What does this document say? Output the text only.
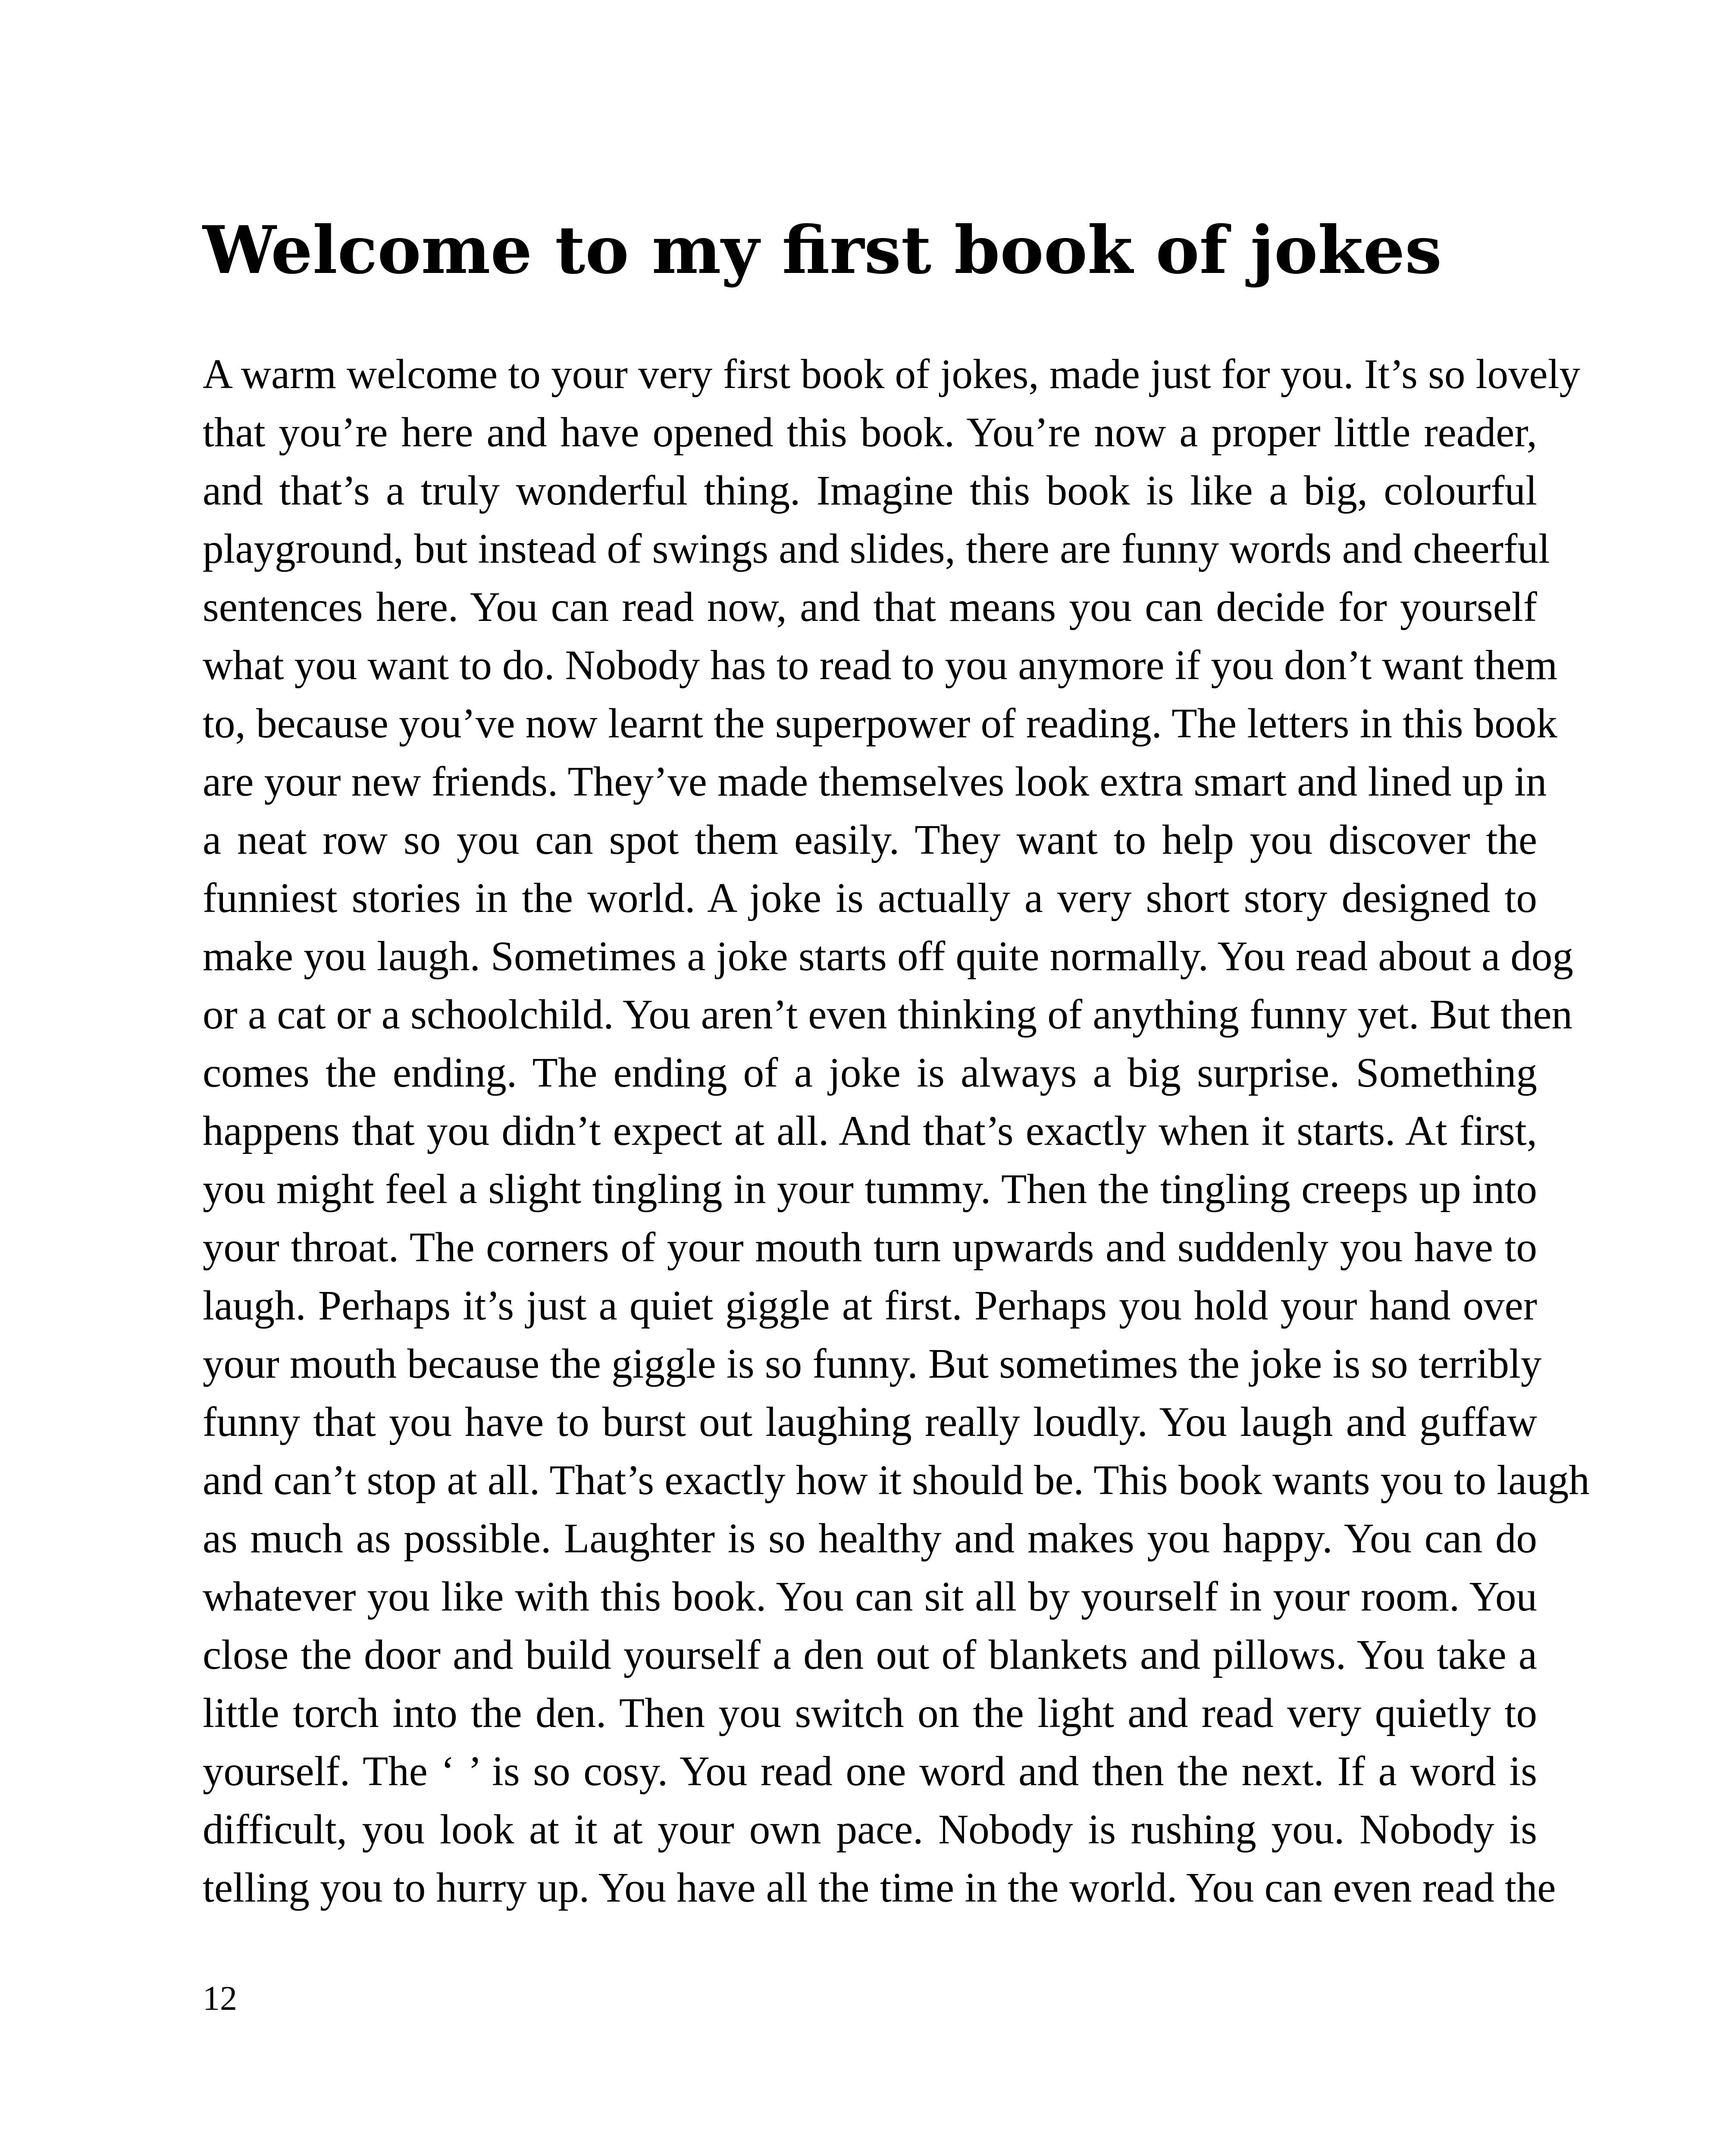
Welcome to my first book of jokes
A warm welcome to your very first book of jokes, made just for you. It’s so lovely
that you’re here and have opened this book. You’re now a proper little reader,
and that’s a truly wonderful thing. Imagine this book is like a big, colourful
playground, but instead of swings and slides, there are funny words and cheerful
sentences here. You can read now, and that means you can decide for yourself
what you want to do. Nobody has to read to you anymore if you don’t want them
to, because you’ve now learnt the superpower of reading. The letters in this book
are your new friends. They’ve made themselves look extra smart and lined up in
a neat row so you can spot them easily. They want to help you discover the
funniest stories in the world. A joke is actually a very short story designed to
make you laugh. Sometimes a joke starts off quite normally. You read about a dog
or a cat or a schoolchild. You aren’t even thinking of anything funny yet. But then
comes the ending. The ending of a joke is always a big surprise. Something
happens that you didn’t expect at all. And that’s exactly when it starts. At first,
you might feel a slight tingling in your tummy. Then the tingling creeps up into
your throat. The corners of your mouth turn upwards and suddenly you have to
laugh. Perhaps it’s just a quiet giggle at first. Perhaps you hold your hand over
your mouth because the giggle is so funny. But sometimes the joke is so terribly
funny that you have to burst out laughing really loudly. You laugh and guffaw
and can’t stop at all. That’s exactly how it should be. This book wants you to laugh
as much as possible. Laughter is so healthy and makes you happy. You can do
whatever you like with this book. You can sit all by yourself in your room. You
close the door and build yourself a den out of blankets and pillows. You take a
little torch into the den. Then you switch on the light and read very quietly to
yourself. The ‘ ’ is so cosy. You read one word and then the next. If a word is
difficult, you look at it at your own pace. Nobody is rushing you. Nobody is
telling you to hurry up. You have all the time in the world. You can even read the
12
